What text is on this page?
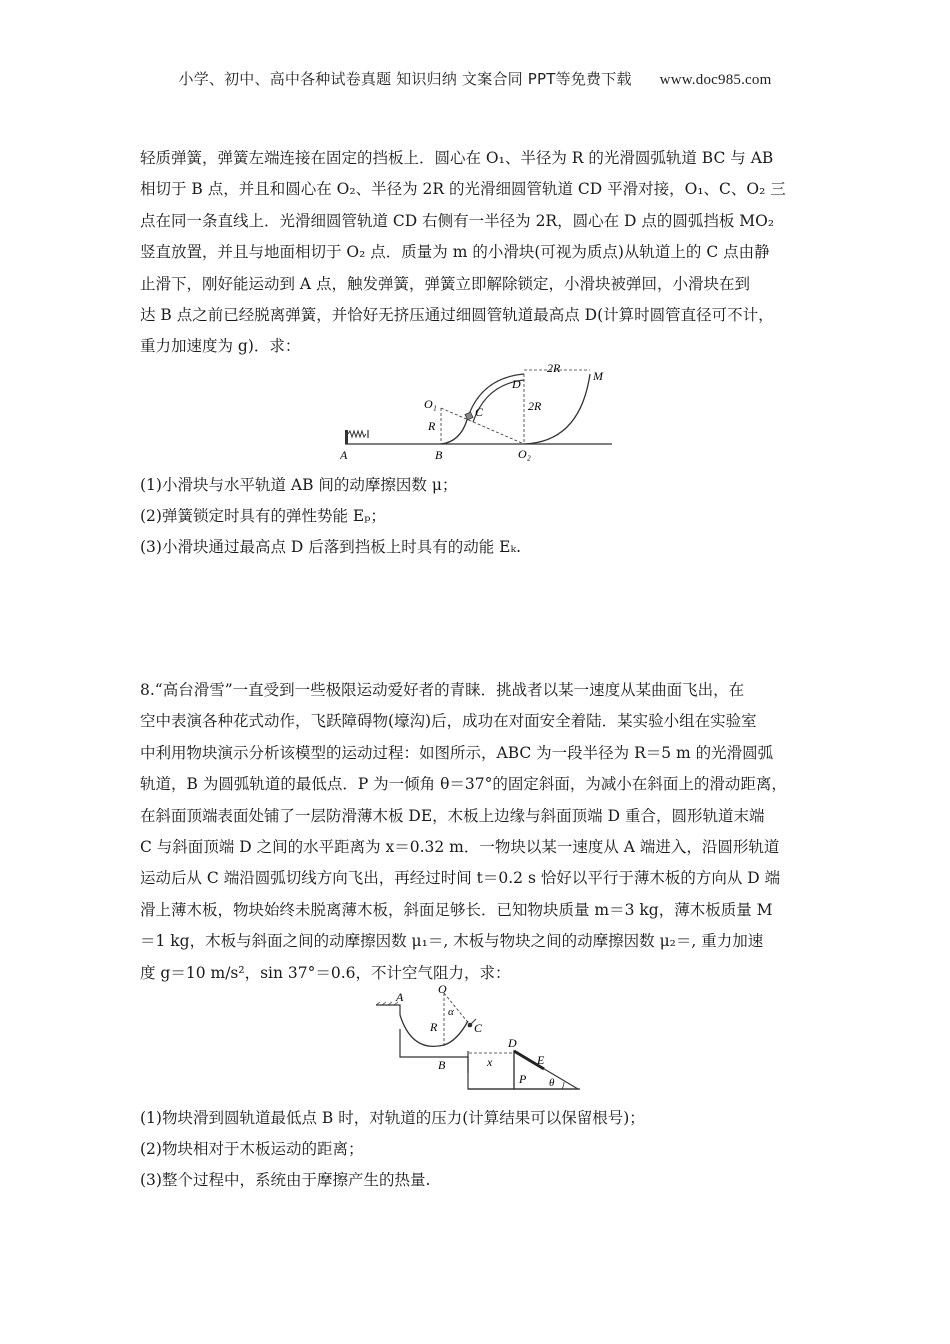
小学、初中、高中各种试卷真题 知识归纳 文案合同 PPT等免费下载 www.doc985.com
轻质弹簧，弹簧左端连接在固定的挡板上．圆心在 O₁、半径为 R 的光滑圆弧轨道 BC 与 AB
相切于 B 点，并且和圆心在 O₂、半径为 2R 的光滑细圆管轨道 CD 平滑对接，O₁、C、O₂ 三
点在同一条直线上．光滑细圆管轨道 CD 右侧有一半径为 2R，圆心在 D 点的圆弧挡板 MO₂
竖直放置，并且与地面相切于 O₂ 点．质量为 m 的小滑块(可视为质点)从轨道上的 C 点由静
止滑下，刚好能运动到 A 点，触发弹簧，弹簧立即解除锁定，小滑块被弹回，小滑块在到
达 B 点之前已经脱离弹簧，并恰好无挤压通过细圆管轨道最高点 D(计算时圆管直径可不计，
重力加速度为 g)．求：
A	B
C
D
M
O₁
O₂
R
2R
2R
(1)小滑块与水平轨道 AB 间的动摩擦因数 μ；
(2)弹簧锁定时具有的弹性势能 Eₚ；
(3)小滑块通过最高点 D 后落到挡板上时具有的动能 Eₖ.
8.“高台滑雪”一直受到一些极限运动爱好者的青睐．挑战者以某一速度从某曲面飞出，在
空中表演各种花式动作，飞跃障碍物(壕沟)后，成功在对面安全着陆．某实验小组在实验室
中利用物块演示分析该模型的运动过程：如图所示，ABC 为一段半径为 R＝5 m 的光滑圆弧
轨道，B 为圆弧轨道的最低点．P 为一倾角 θ＝37°的固定斜面，为减小在斜面上的滑动距离，
在斜面顶端表面处铺了一层防滑薄木板 DE，木板上边缘与斜面顶端 D 重合，圆形轨道末端
C 与斜面顶端 D 之间的水平距离为 x＝0.32 m．一物块以某一速度从 A 端进入，沿圆形轨道
运动后从 C 端沿圆弧切线方向飞出，再经过时间 t＝0.2 s 恰好以平行于薄木板的方向从 D 端
滑上薄木板，物块始终未脱离薄木板，斜面足够长．已知物块质量 m＝3 kg，薄木板质量 M
＝1 kg，木板与斜面之间的动摩擦因数 μ₁＝, 木板与物块之间的动摩擦因数 μ₂＝, 重力加速
度 g＝10 m/s²，sin 37°＝0.6，不计空气阻力，求：
A
O
α
R	C
B
D
E
x
P θ
(1)物块滑到圆轨道最低点 B 时，对轨道的压力(计算结果可以保留根号)；
(2)物块相对于木板运动的距离；
(3)整个过程中，系统由于摩擦产生的热量.
